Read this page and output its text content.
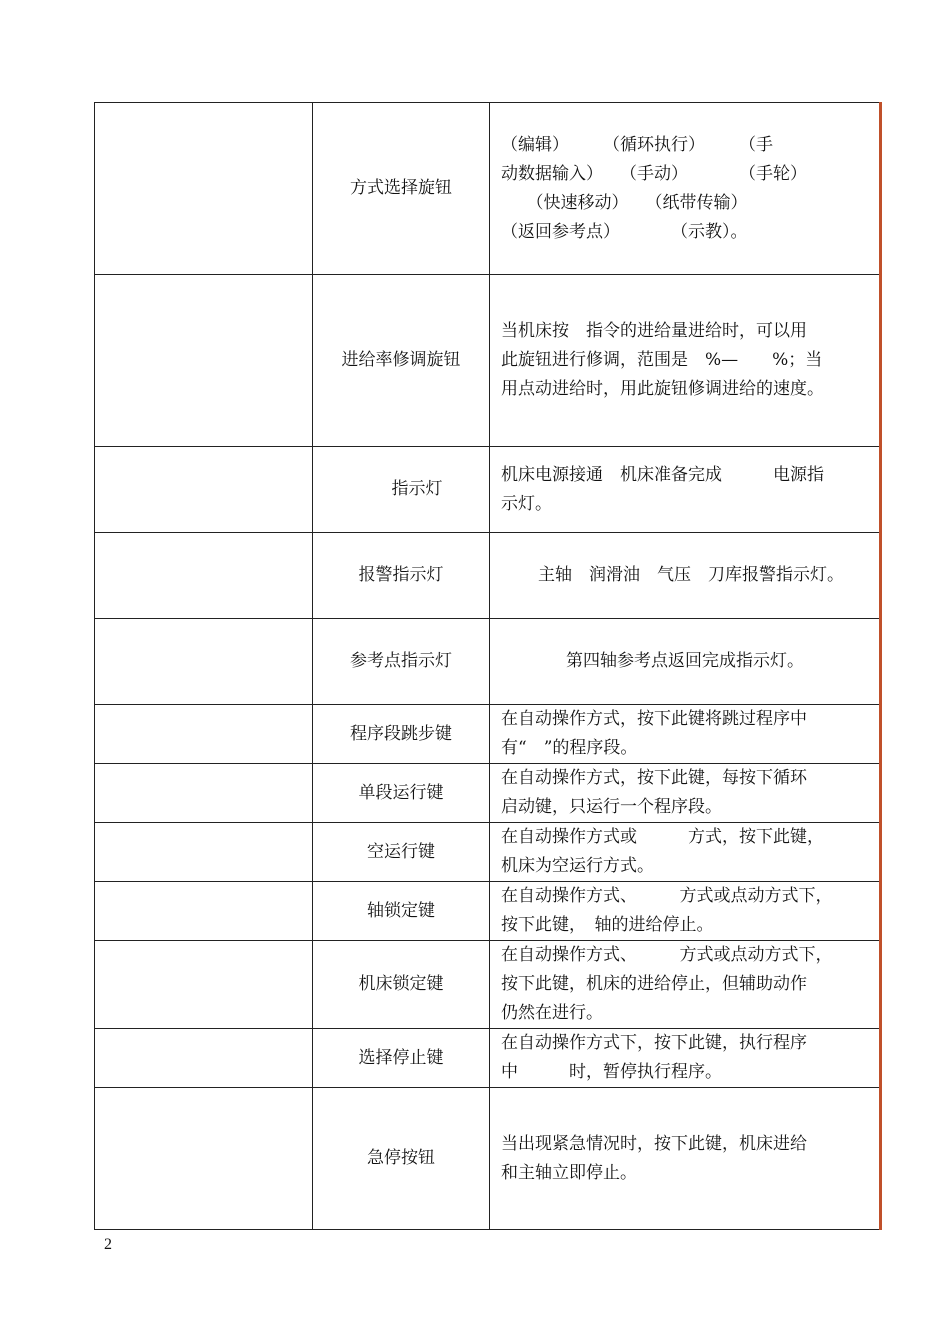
	方式选择旋钮	（编辑）　　　（循环执行）　　　（手
动数据输入）　　（手动）　　　　（手轮）
　　（快速移动）　　（纸带传输）
（返回参考点）　　　　（示教）。

	进给率修调旋钮	当机床按　指令的进给量进给时，可以用
此旋钮进行修调，范围是　%—　　%；当
用点动进给时，用此旋钮修调进给的速度。

	指示灯	机床电源接通　机床准备完成　　　电源指
示灯。

	报警指示灯	主轴　润滑油　气压　刀库报警指示灯。

	参考点指示灯	第四轴参考点返回完成指示灯。

	程序段跳步键	在自动操作方式，按下此键将跳过程序中
有“　”的程序段。

	单段运行键	在自动操作方式，按下此键，每按下循环
启动键，只运行一个程序段。

	空运行键	在自动操作方式或　　　方式，按下此键，
机床为空运行方式。

	轴锁定键	在自动操作方式、　　　方式或点动方式下，
按下此键，　轴的进给停止。

	机床锁定键	在自动操作方式、　　　方式或点动方式下，
按下此键，机床的进给停止，但辅助动作
仍然在进行。

	选择停止键	在自动操作方式下，按下此键，执行程序
中　　　时，暂停执行程序。

	急停按钮	当出现紧急情况时，按下此键，机床进给
和主轴立即停止。
2
